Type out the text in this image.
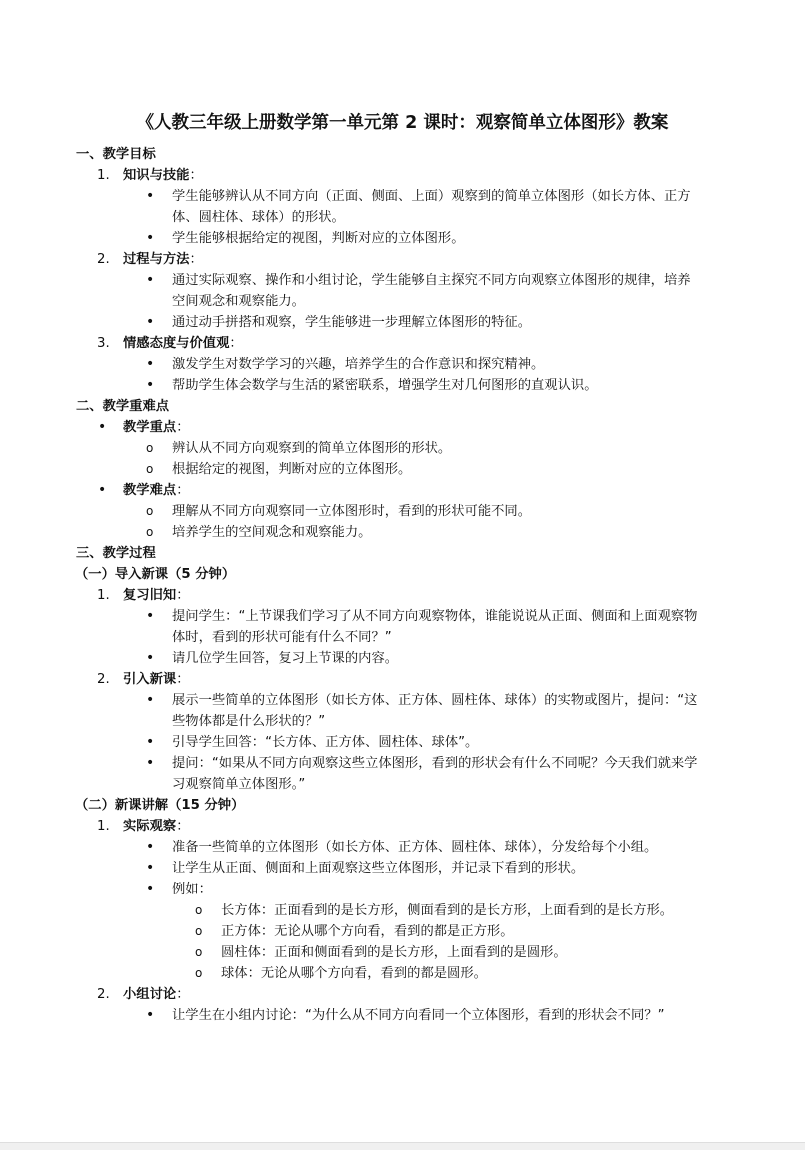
《人教三年级上册数学第一单元第 2 课时：观察简单立体图形》教案
一、教学目标
1. 知识与技能：
• 学生能够辨认从不同方向（正面、侧面、上面）观察到的简单立体图形（如长方体、正方
体、圆柱体、球体）的形状。
• 学生能够根据给定的视图，判断对应的立体图形。
2. 过程与方法：
• 通过实际观察、操作和小组讨论，学生能够自主探究不同方向观察立体图形的规律，培养
空间观念和观察能力。
• 通过动手拼搭和观察，学生能够进一步理解立体图形的特征。
3. 情感态度与价值观：
• 激发学生对数学学习的兴趣，培养学生的合作意识和探究精神。
• 帮助学生体会数学与生活的紧密联系，增强学生对几何图形的直观认识。
二、教学重难点
• 教学重点：
o 辨认从不同方向观察到的简单立体图形的形状。
o 根据给定的视图，判断对应的立体图形。
• 教学难点：
o 理解从不同方向观察同一立体图形时，看到的形状可能不同。
o 培养学生的空间观念和观察能力。
三、教学过程
（一）导入新课（5 分钟）
1. 复习旧知：
• 提问学生：“上节课我们学习了从不同方向观察物体，谁能说说从正面、侧面和上面观察物
体时，看到的形状可能有什么不同？”
• 请几位学生回答，复习上节课的内容。
2. 引入新课：
• 展示一些简单的立体图形（如长方体、正方体、圆柱体、球体）的实物或图片，提问：“这
些物体都是什么形状的？”
• 引导学生回答：“长方体、正方体、圆柱体、球体”。
• 提问：“如果从不同方向观察这些立体图形，看到的形状会有什么不同呢？今天我们就来学
习观察简单立体图形。”
（二）新课讲解（15 分钟）
1. 实际观察：
• 准备一些简单的立体图形（如长方体、正方体、圆柱体、球体），分发给每个小组。
• 让学生从正面、侧面和上面观察这些立体图形，并记录下看到的形状。
• 例如：
o 长方体：正面看到的是长方形，侧面看到的是长方形，上面看到的是长方形。
o 正方体：无论从哪个方向看，看到的都是正方形。
o 圆柱体：正面和侧面看到的是长方形，上面看到的是圆形。
o 球体：无论从哪个方向看，看到的都是圆形。
2. 小组讨论：
• 让学生在小组内讨论：“为什么从不同方向看同一个立体图形，看到的形状会不同？”
